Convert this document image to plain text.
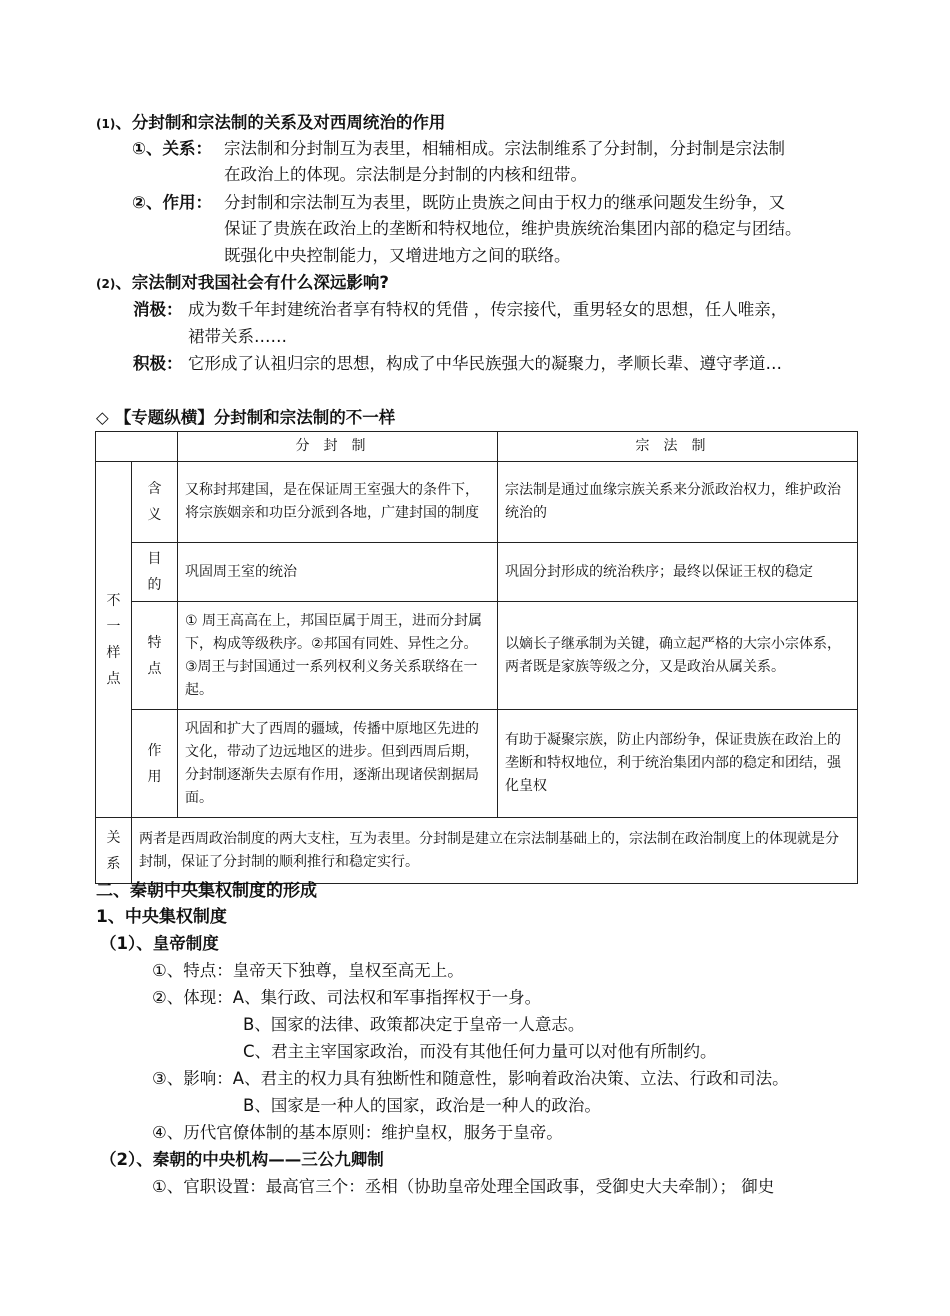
(1)、分封制和宗法制的关系及对西周统治的作用
①、关系： 宗法制和分封制互为表里，相辅相成。宗法制维系了分封制，分封制是宗法制
在政治上的体现。宗法制是分封制的内核和纽带。
②、作用： 分封制和宗法制互为表里，既防止贵族之间由于权力的继承问题发生纷争，又
保证了贵族在政治上的垄断和特权地位，维护贵族统治集团内部的稳定与团结。
既强化中央控制能力，又增进地方之间的联络。
(2)、宗法制对我国社会有什么深远影响?
消极： 成为数千年封建统治者享有特权的凭借 ，传宗接代，重男轻女的思想，任人唯亲，
裙带关系……
积极： 它形成了认祖归宗的思想，构成了中华民族强大的凝聚力，孝顺长辈、遵守孝道…
◇ 【专题纵横】分封制和宗法制的不一样
		分封制	宗法制

不一样点	含义	又称封邦建国，是在保证周王室强大的条件下，将宗族姻亲和功臣分派到各地，广建封国的制度	宗法制是通过血缘宗族关系来分派政治权力，维护政治统治的

	目的	巩固周王室的统治	巩固分封形成的统治秩序；最终以保证王权的稳定

	特点	① 周王高高在上，邦国臣属于周王，进而分封属下，构成等级秩序。②邦国有同姓、异性之分。③周王与封国通过一系列权利义务关系联络在一起。	以嫡长子继承制为关键，确立起严格的大宗小宗体系，两者既是家族等级之分，又是政治从属关系。

	作用	巩固和扩大了西周的疆域，传播中原地区先进的文化，带动了边远地区的进步。但到西周后期，分封制逐渐失去原有作用，逐渐出现诸侯割据局面。	有助于凝聚宗族，防止内部纷争，保证贵族在政治上的垄断和特权地位，利于统治集团内部的稳定和团结，强化皇权

关系	两者是西周政治制度的两大支柱，互为表里。分封制是建立在宗法制基础上的，宗法制在政治制度上的体现就是分封制，保证了分封制的顺利推行和稳定实行。		
二、秦朝中央集权制度的形成
1、中央集权制度
（1）、皇帝制度
①、特点：皇帝天下独尊，皇权至高无上。
②、体现：A、集行政、司法权和军事指挥权于一身。
B、国家的法律、政策都决定于皇帝一人意志。
C、君主主宰国家政治，而没有其他任何力量可以对他有所制约。
③、影响：A、君主的权力具有独断性和随意性，影响着政治决策、立法、行政和司法。
B、国家是一种人的国家，政治是一种人的政治。
④、历代官僚体制的基本原则：维护皇权，服务于皇帝。
（2）、秦朝的中央机构——三公九卿制
①、官职设置：最高官三个：丞相（协助皇帝处理全国政事，受御史大夫牵制）； 御史
